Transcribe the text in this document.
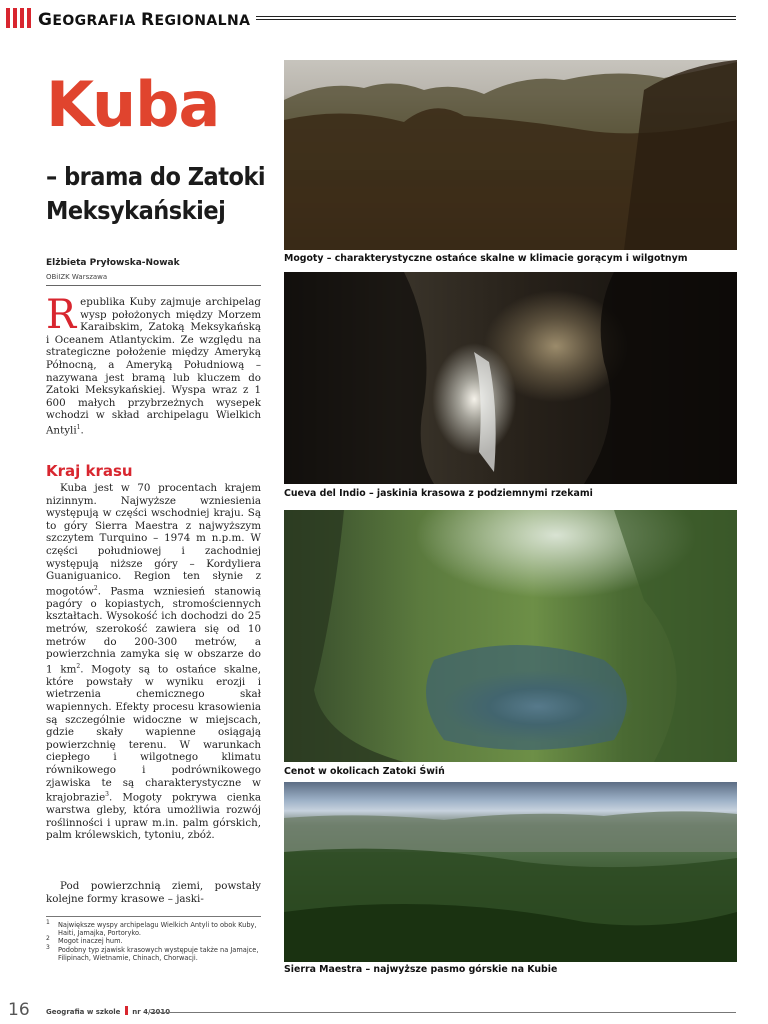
GEOGRAFIA REGIONALNA
Kuba
– brama do Zatoki Meksykańskiej
Elżbieta Pryłowska-Nowak
OBiIZK Warszawa
Republika Kuby zajmuje archipelag wysp położonych między Morzem Karaibskim, Zatoką Meksykańską i Oceanem Atlantyckim. Ze względu na strategiczne położenie między Ameryką Północną, a Ameryką Południową – nazywana jest bramą lub kluczem do Zatoki Meksykańskiej. Wyspa wraz z 1 600 małych przybrzeżnych wysepek wchodzi w skład archipelagu Wielkich Antyli$^1$.
Kraj krasu
Kuba jest w 70 procentach krajem nizinnym. Najwyższe wzniesienia występują w części wschodniej kraju. Są to góry Sierra Maestra z najwyższym szczytem Turquino – 1974 m n.p.m. W części południowej i zachodniej występują niższe góry – Kordyliera Guaniguanico. Region ten słynie z mogotów$^2$. Pasma wzniesień stanowią pagóry o kopiastych, stromościennych kształtach. Wysokość ich dochodzi do 25 metrów, szerokość zawiera się od 10 metrów do 200-300 metrów, a powierzchnia zamyka się w obszarze do 1 $km^2$. Mogoty są to ostańce skalne, które powstały w wyniku erozji i wietrzenia chemicznego skał wapiennych. Efekty procesu krasowienia są szczególnie widoczne w miejscach, gdzie skały wapienne osiągają powierzchnię terenu. W warunkach ciepłego i wilgotnego klimatu równikowego i podrównikowego zjawiska te są charakterystyczne w krajobrazie$^3$. Mogoty pokrywa cienka warstwa gleby, która umożliwia rozwój roślinności i upraw m.in. palm górskich, palm królewskich, tytoniu, zbóż.
Pod powierzchnią ziemi, powstały kolejne formy krasowe – jaski-
1 Największe wyspy archipelagu Wielkich Antyli to obok Kuby, Haiti, Jamajka, Portoryko.
2 Mogot inaczej hum.
3 Podobny typ zjawisk krasowych występuje także na Jamajce, Filipinach, Wietnamie, Chinach, Chorwacji.
Mogoty – charakterystyczne ostańce skalne w klimacie gorącym i wilgotnym
Cueva del Indio – jaskinia krasowa z podziemnymi rzekami
Cenot w okolicach Zatoki Świń
Sierra Maestra – najwyższe pasmo górskie na Kubie
16 Geografia w szkole nr 4/2010
